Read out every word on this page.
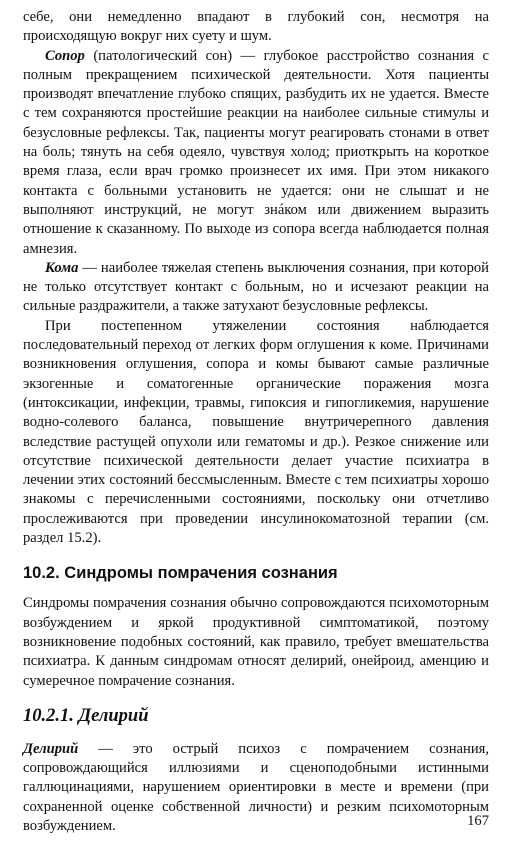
себе, они немедленно впадают в глубокий сон, несмотря на происходящую вокруг них суету и шум.

Сопор (патологический сон) — глубокое расстройство сознания с полным прекращением психической деятельности. Хотя пациенты производят впечатление глубоко спящих, разбудить их не удается. Вместе с тем сохраняются простейшие реакции на наиболее сильные стимулы и безусловные рефлексы. Так, пациенты могут реагировать стонами в ответ на боль; тянуть на себя одеяло, чувствуя холод; приоткрыть на короткое время глаза, если врач громко произнесет их имя. При этом никакого контакта с больными установить не удается: они не слышат и не выполняют инструкций, не могут знáком или движением выразить отношение к сказанному. По выходе из сопора всегда наблюдается полная амнезия.

Кома — наиболее тяжелая степень выключения сознания, при которой не только отсутствует контакт с больным, но и исчезают реакции на сильные раздражители, а также затухают безусловные рефлексы.

При постепенном утяжелении состояния наблюдается последовательный переход от легких форм оглушения к коме. Причинами возникновения оглушения, сопора и комы бывают самые различные экзогенные и соматогенные органические поражения мозга (интоксикации, инфекции, травмы, гипоксия и гипогликемия, нарушение водно-солевого баланса, повышение внутричерепного давления вследствие растущей опухоли или гематомы и др.). Резкое снижение или отсутствие психической деятельности делает участие психиатра в лечении этих состояний бессмысленным. Вместе с тем психиатры хорошо знакомы с перечисленными состояниями, поскольку они отчетливо прослеживаются при проведении инсулинокоматозной терапии (см. раздел 15.2).

10.2. Синдромы помрачения сознания

Синдромы помрачения сознания обычно сопровождаются психомоторным возбуждением и яркой продуктивной симптоматикой, поэтому возникновение подобных состояний, как правило, требует вмешательства психиатра. К данным синдромам относят делирий, онейроид, аменцию и сумеречное помрачение сознания.

10.2.1. Делирий

Делирий — это острый психоз с помрачением сознания, сопровождающийся иллюзиями и сценоподобными истинными галлюцинациями, нарушением ориентировки в месте и времени (при сохраненной оценке собственной личности) и резким психомоторным возбуждением.	167
